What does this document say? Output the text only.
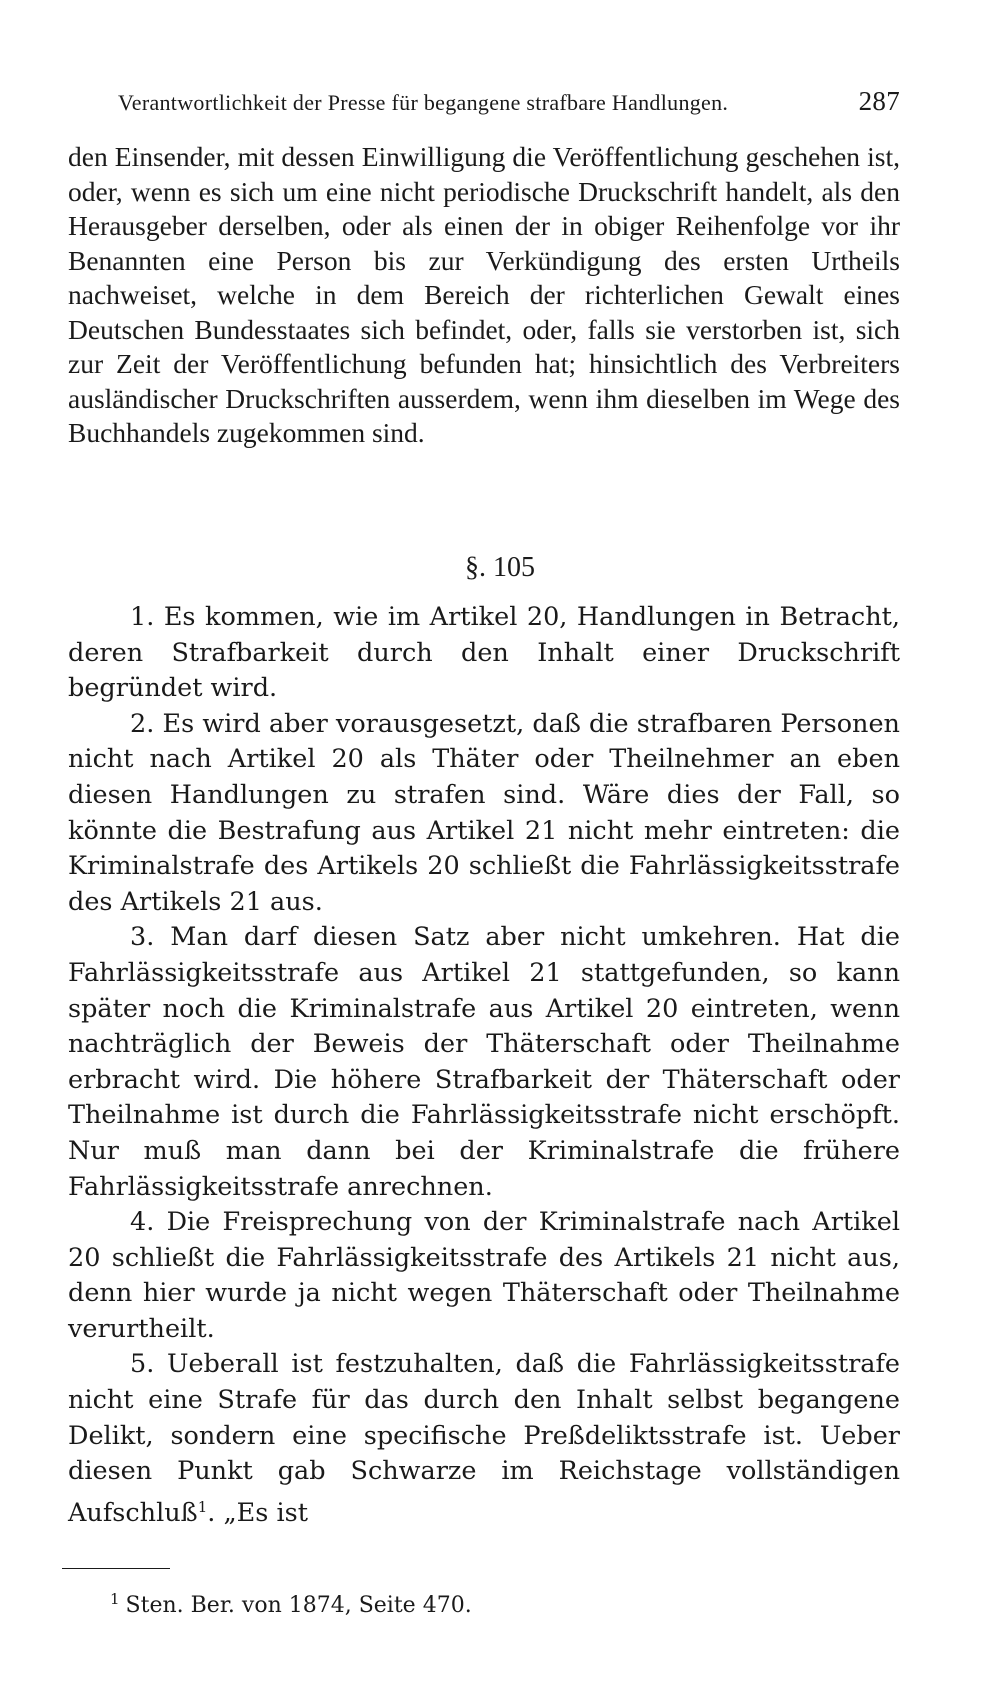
Verantwortlichkeit der Presse für begangene strafbare Handlungen.	287
den Einsender, mit dessen Einwilligung die Veröffentlichung geschehen ist, oder, wenn es sich um eine nicht periodische Druckschrift handelt, als den Herausgeber derselben, oder als einen der in obiger Reihenfolge vor ihr Benannten eine Person bis zur Verkündigung des ersten Urtheils nachweiset, welche in dem Bereich der richterlichen Gewalt eines Deutschen Bundesstaates sich befindet, oder, falls sie verstorben ist, sich zur Zeit der Veröffentlichung befunden hat; hinsichtlich des Verbreiters ausländischer Druckschriften ausserdem, wenn ihm dieselben im Wege des Buchhandels zugekommen sind.
§. 105

1. Es kommen, wie im Artikel 20, Handlungen in Betracht, deren Strafbarkeit durch den Inhalt einer Druckschrift begründet wird.

2. Es wird aber vorausgesetzt, daß die strafbaren Personen nicht nach Artikel 20 als Thäter oder Theilnehmer an eben diesen Handlungen zu strafen sind. Wäre dies der Fall, so könnte die Bestrafung aus Artikel 21 nicht mehr eintreten: die Kriminalstrafe des Artikels 20 schließt die Fahrlässigkeitsstrafe des Artikels 21 aus.

3. Man darf diesen Satz aber nicht umkehren. Hat die Fahrlässigkeitsstrafe aus Artikel 21 stattgefunden, so kann später noch die Kriminalstrafe aus Artikel 20 eintreten, wenn nachträglich der Beweis der Thäterschaft oder Theilnahme erbracht wird. Die höhere Strafbarkeit der Thäterschaft oder Theilnahme ist durch die Fahrlässigkeitsstrafe nicht erschöpft. Nur muß man dann bei der Kriminalstrafe die frühere Fahrlässigkeitsstrafe anrechnen.

4. Die Freisprechung von der Kriminalstrafe nach Artikel 20 schließt die Fahrlässigkeitsstrafe des Artikels 21 nicht aus, denn hier wurde ja nicht wegen Thäterschaft oder Theilnahme verurtheilt.

5. Ueberall ist festzuhalten, daß die Fahrlässigkeitsstrafe nicht eine Strafe für das durch den Inhalt selbst begangene Delikt, sondern eine specifische Preßdeliktsstrafe ist. Ueber diesen Punkt gab Schwarze im Reichstage vollständigen Aufschluß$^1$. „Es ist

$^1$ Sten. Ber. von 1874, Seite 470.
